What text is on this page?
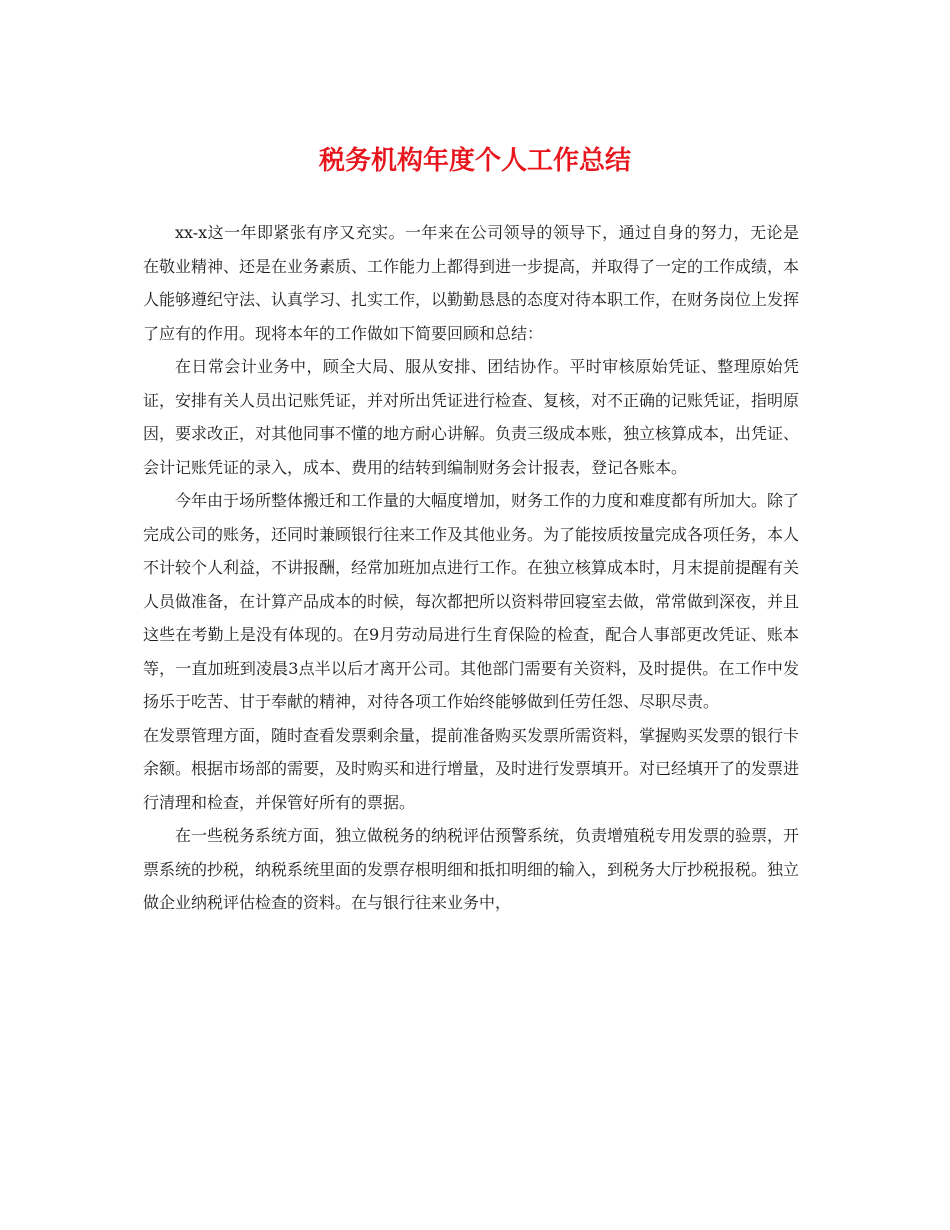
税务机构年度个人工作总结

xx-x这一年即紧张有序又充实。一年来在公司领导的领导下，通过自身的努力，无论是在敬业精神、还是在业务素质、工作能力上都得到进一步提高，并取得了一定的工作成绩，本人能够遵纪守法、认真学习、扎实工作，以勤勤恳恳的态度对待本职工作，在财务岗位上发挥了应有的作用。现将本年的工作做如下简要回顾和总结：

在日常会计业务中，顾全大局、服从安排、团结协作。平时审核原始凭证、整理原始凭证，安排有关人员出记账凭证，并对所出凭证进行检查、复核，对不正确的记账凭证，指明原因，要求改正，对其他同事不懂的地方耐心讲解。负责三级成本账，独立核算成本，出凭证、会计记账凭证的录入，成本、费用的结转到编制财务会计报表，登记各账本。

今年由于场所整体搬迁和工作量的大幅度增加，财务工作的力度和难度都有所加大。除了完成公司的账务，还同时兼顾银行往来工作及其他业务。为了能按质按量完成各项任务，本人不计较个人利益，不讲报酬，经常加班加点进行工作。在独立核算成本时，月末提前提醒有关人员做准备，在计算产品成本的时候，每次都把所以资料带回寝室去做，常常做到深夜，并且这些在考勤上是没有体现的。在9月劳动局进行生育保险的检查，配合人事部更改凭证、账本等，一直加班到凌晨3点半以后才离开公司。其他部门需要有关资料，及时提供。在工作中发扬乐于吃苦、甘于奉献的精神，对待各项工作始终能够做到任劳任怨、尽职尽责。

在发票管理方面，随时查看发票剩余量，提前准备购买发票所需资料，掌握购买发票的银行卡余额。根据市场部的需要，及时购买和进行增量，及时进行发票填开。对已经填开了的发票进行清理和检查，并保管好所有的票据。

在一些税务系统方面，独立做税务的纳税评估预警系统，负责增殖税专用发票的验票，开票系统的抄税，纳税系统里面的发票存根明细和抵扣明细的输入，到税务大厅抄税报税。独立做企业纳税评估检查的资料。在与银行往来业务中，
